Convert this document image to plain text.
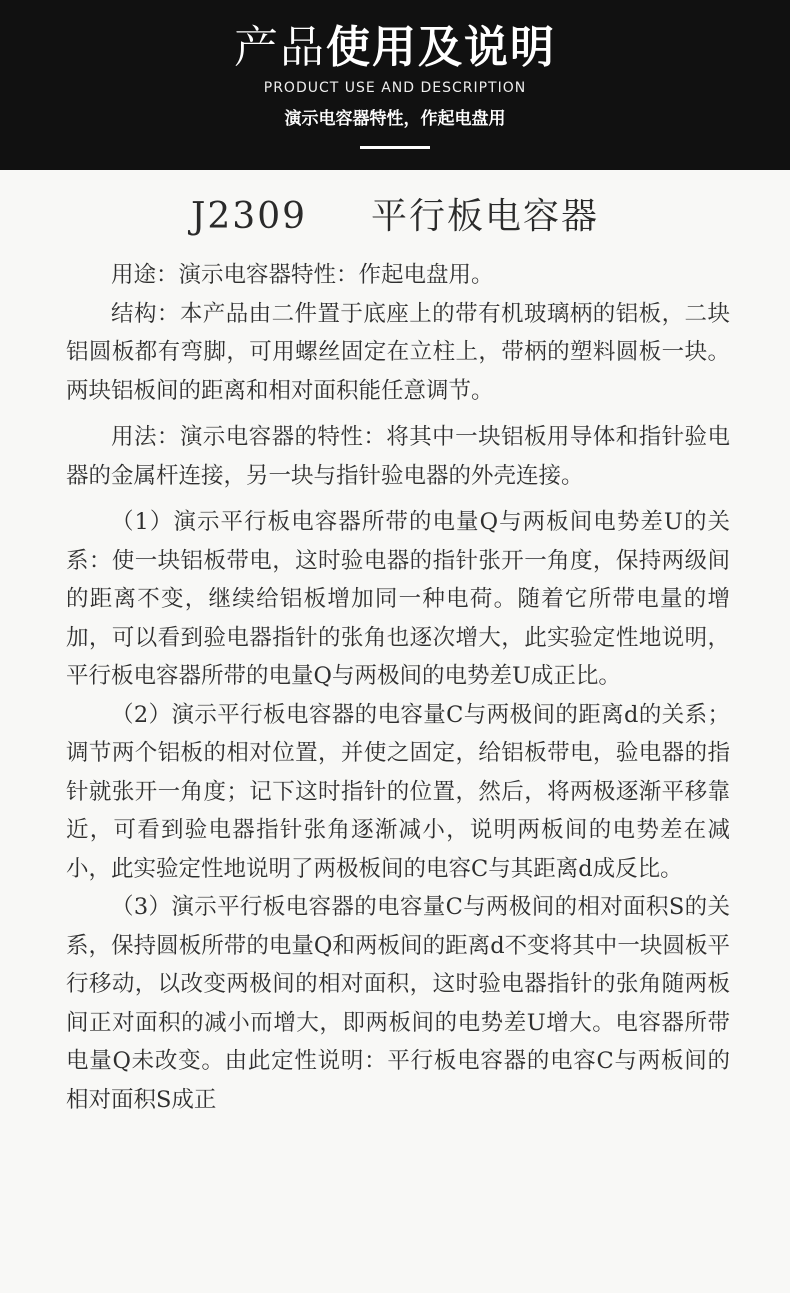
产品使用及说明
PRODUCT USE AND DESCRIPTION
演示电容器特性，作起电盘用
J2309 平行板电容器

用途：演示电容器特性：作起电盘用。

结构：本产品由二件置于底座上的带有机玻璃柄的铝板，二块铝圆板都有弯脚，可用螺丝固定在立柱上，带柄的塑料圆板一块。两块铝板间的距离和相对面积能任意调节。

用法：演示电容器的特性：将其中一块铝板用导体和指针验电器的金属杆连接，另一块与指针验电器的外壳连接。

（1）演示平行板电容器所带的电量Q与两板间电势差U的关系：使一块铝板带电，这时验电器的指针张开一角度，保持两级间的距离不变，继续给铝板增加同一种电荷。随着它所带电量的增加，可以看到验电器指针的张角也逐次增大，此实验定性地说明，平行板电容器所带的电量Q与两极间的电势差U成正比。

（2）演示平行板电容器的电容量C与两极间的距离d的关系；调节两个铝板的相对位置，并使之固定，给铝板带电，验电器的指针就张开一角度；记下这时指针的位置，然后，将两极逐渐平移靠近，可看到验电器指针张角逐渐减小，说明两板间的电势差在减小，此实验定性地说明了两极板间的电容C与其距离d成反比。

（3）演示平行板电容器的电容量C与两极间的相对面积S的关系，保持圆板所带的电量Q和两板间的距离d不变将其中一块圆板平行移动，以改变两极间的相对面积，这时验电器指针的张角随两板间正对面积的减小而增大，即两板间的电势差U增大。电容器所带电量Q未改变。由此定性说明：平行板电容器的电容C与两板间的相对面积S成正
